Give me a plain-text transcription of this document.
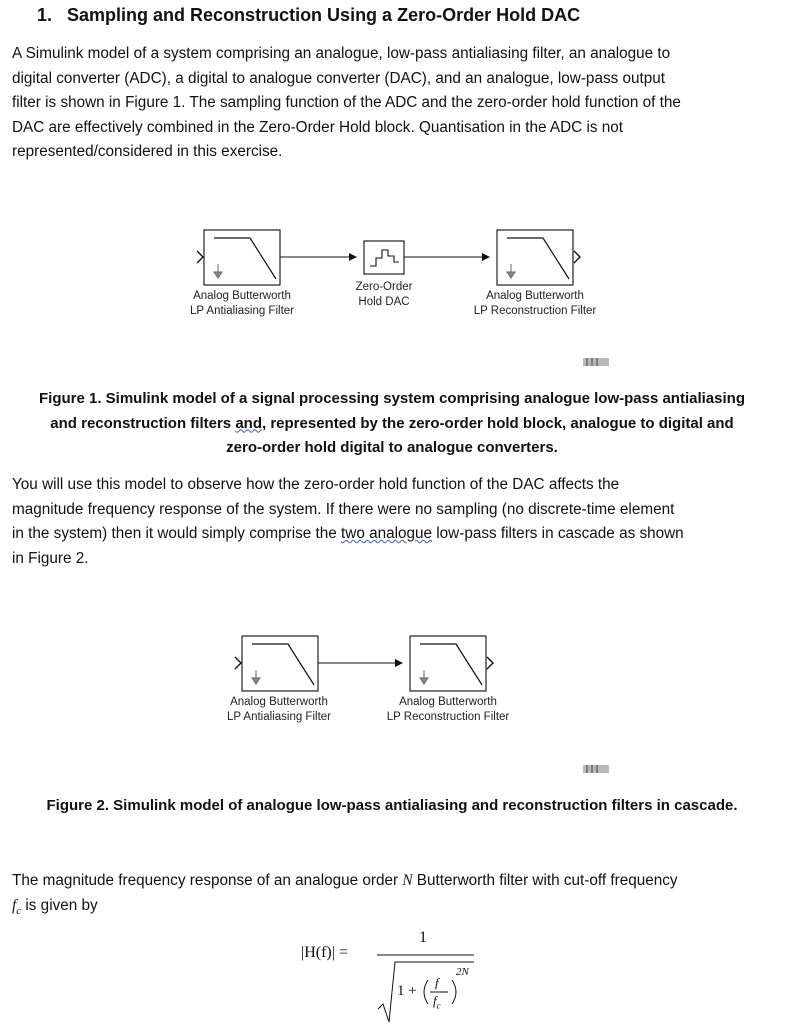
1. Sampling and Reconstruction Using a Zero-Order Hold DAC
A Simulink model of a system comprising an analogue, low-pass antialiasing filter, an analogue to
digital converter (ADC), a digital to analogue converter (DAC), and an analogue, low-pass output
filter is shown in Figure 1. The sampling function of the ADC and the zero-order hold function of the
DAC are effectively combined in the Zero-Order Hold block. Quantisation in the ADC is not
represented/considered in this exercise.
Analog Butterworth
LP Antialiasing Filter
Zero-Order
Hold DAC	Analog Butterworth
LP Reconstruction Filter
Figure 1. Simulink model of a signal processing system comprising analogue low-pass antialiasing
and reconstruction filters and, represented by the zero-order hold block, analogue to digital and
zero-order hold digital to analogue converters.
You will use this model to observe how the zero-order hold function of the DAC affects the
magnitude frequency response of the system. If there were no sampling (no discrete-time element
in the system) then it would simply comprise the two analogue low-pass filters in cascade as shown
in Figure 2.
Analog Butterworth
LP Antialiasing Filter
Analog Butterworth
LP Reconstruction Filter
Figure 2. Simulink model of analogue low-pass antialiasing and reconstruction filters in cascade.
The magnitude frequency response of an analogue order N Butterworth filter with cut-off frequency
$f_c$ is given by
|H(f)| =
1
1 +
f
$f_c$
2N
